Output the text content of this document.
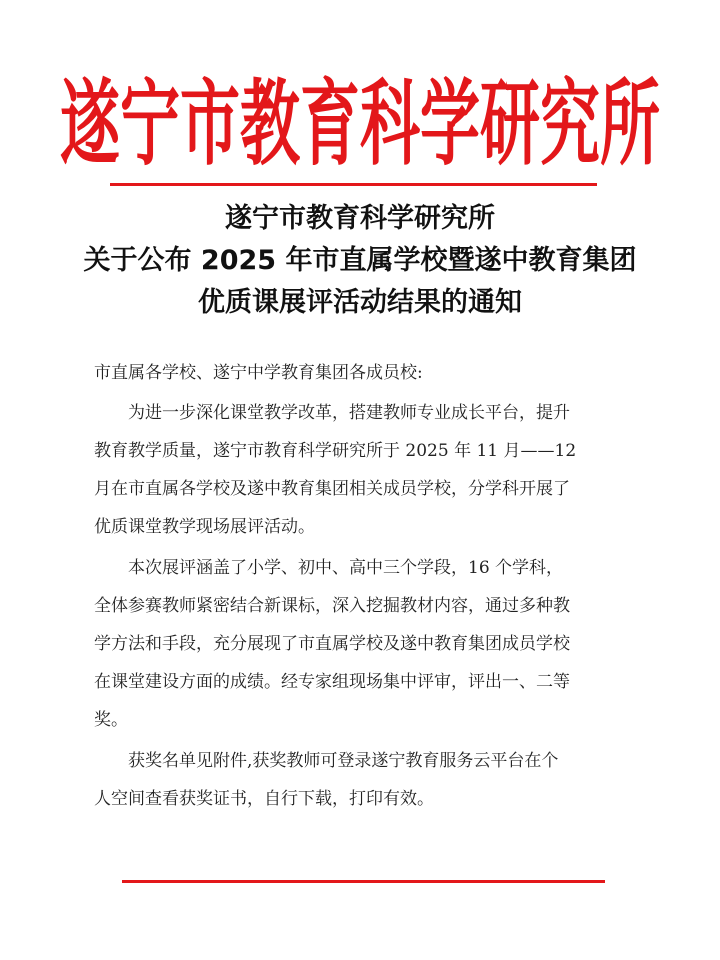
遂宁市教育科学研究所
遂宁市教育科学研究所
关于公布 2025 年市直属学校暨遂中教育集团
优质课展评活动结果的通知
市直属各学校、遂宁中学教育集团各成员校:
为进一步深化课堂教学改革，搭建教师专业成长平台，提升
教育教学质量，遂宁市教育科学研究所于 2025 年 11 月——12
月在市直属各学校及遂中教育集团相关成员学校，分学科开展了
优质课堂教学现场展评活动。
本次展评涵盖了小学、初中、高中三个学段，16 个学科，
全体参赛教师紧密结合新课标，深入挖掘教材内容，通过多种教
学方法和手段，充分展现了市直属学校及遂中教育集团成员学校
在课堂建设方面的成绩。经专家组现场集中评审，评出一、二等
奖。
获奖名单见附件,获奖教师可登录遂宁教育服务云平台在个
人空间查看获奖证书，自行下载，打印有效。
